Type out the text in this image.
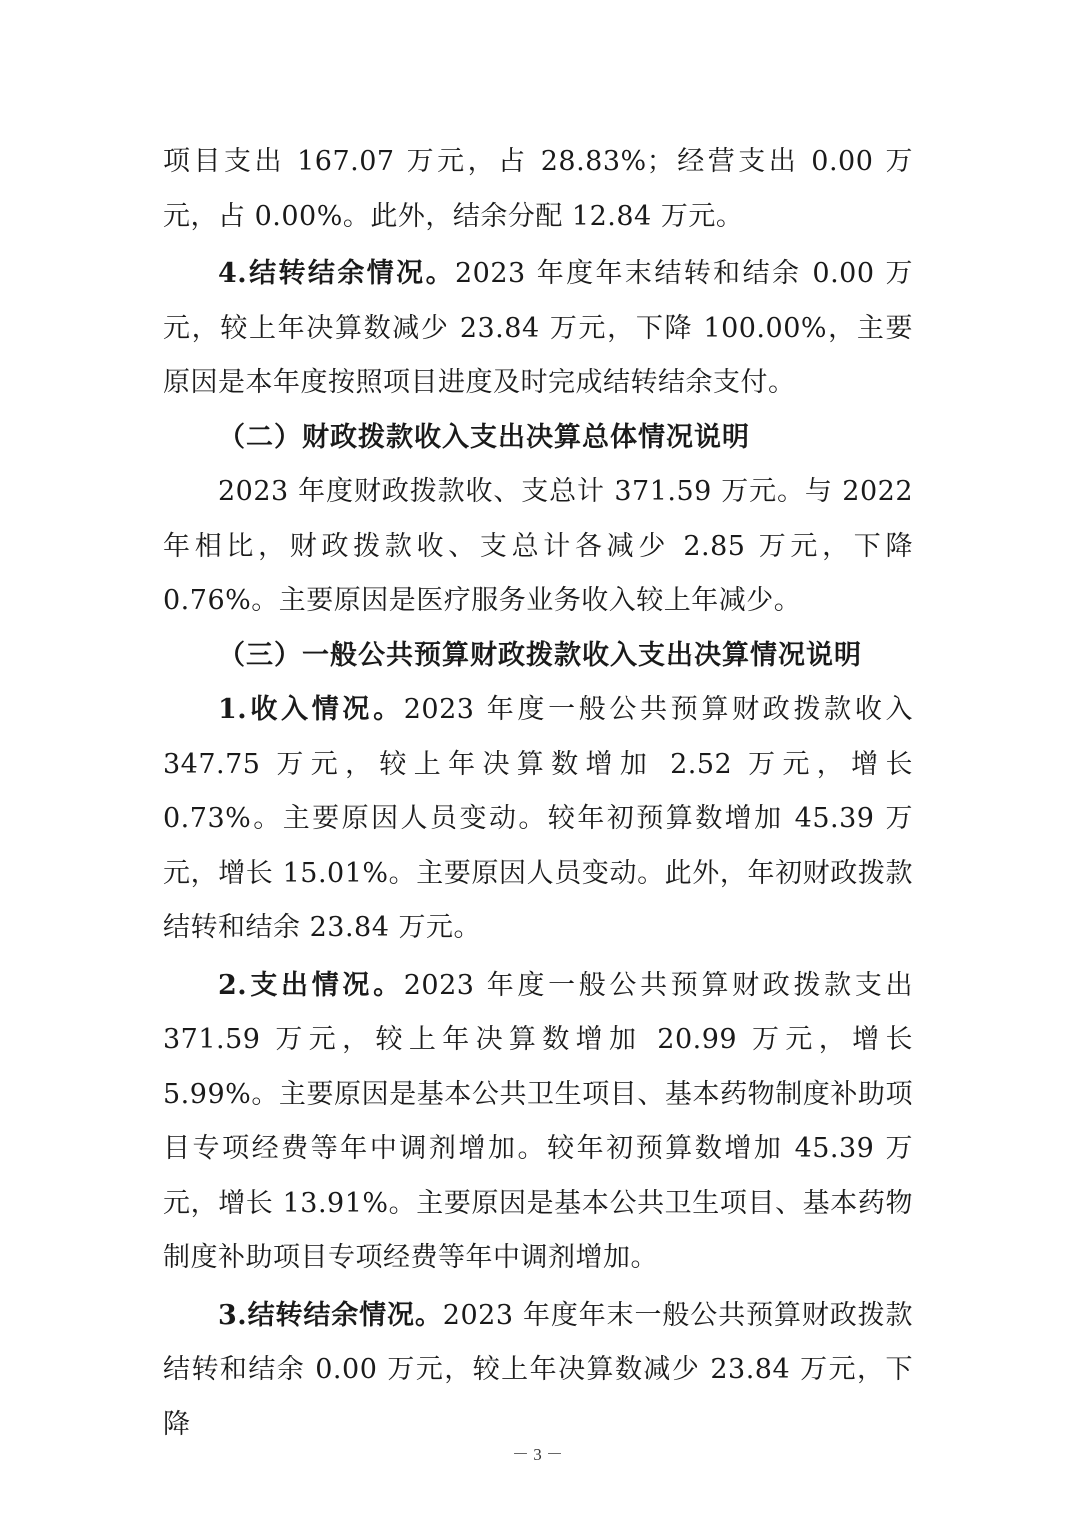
项目支出 167.07 万元，占 28.83%；经营支出 0.00 万元，占 0.00%。此外，结余分配 12.84 万元。

4.结转结余情况。2023 年度年末结转和结余 0.00 万元，较上年决算数减少 23.84 万元，下降 100.00%，主要原因是本年度按照项目进度及时完成结转结余支付。

（二）财政拨款收入支出决算总体情况说明

2023 年度财政拨款收、支总计 371.59 万元。与 2022 年相比，财政拨款收、支总计各减少 2.85 万元，下降 0.76%。主要原因是医疗服务业务收入较上年减少。

（三）一般公共预算财政拨款收入支出决算情况说明

1.收入情况。2023 年度一般公共预算财政拨款收入 347.75 万元，较上年决算数增加 2.52 万元，增长 0.73%。主要原因人员变动。较年初预算数增加 45.39 万元，增长 15.01%。主要原因人员变动。此外，年初财政拨款结转和结余 23.84 万元。

2.支出情况。2023 年度一般公共预算财政拨款支出 371.59 万元，较上年决算数增加 20.99 万元，增长 5.99%。主要原因是基本公共卫生项目、基本药物制度补助项目专项经费等年中调剂增加。较年初预算数增加 45.39 万元，增长 13.91%。主要原因是基本公共卫生项目、基本药物制度补助项目专项经费等年中调剂增加。

3.结转结余情况。2023 年度年末一般公共预算财政拨款结转和结余 0.00 万元，较上年决算数减少 23.84 万元，下降

－ 3 －
